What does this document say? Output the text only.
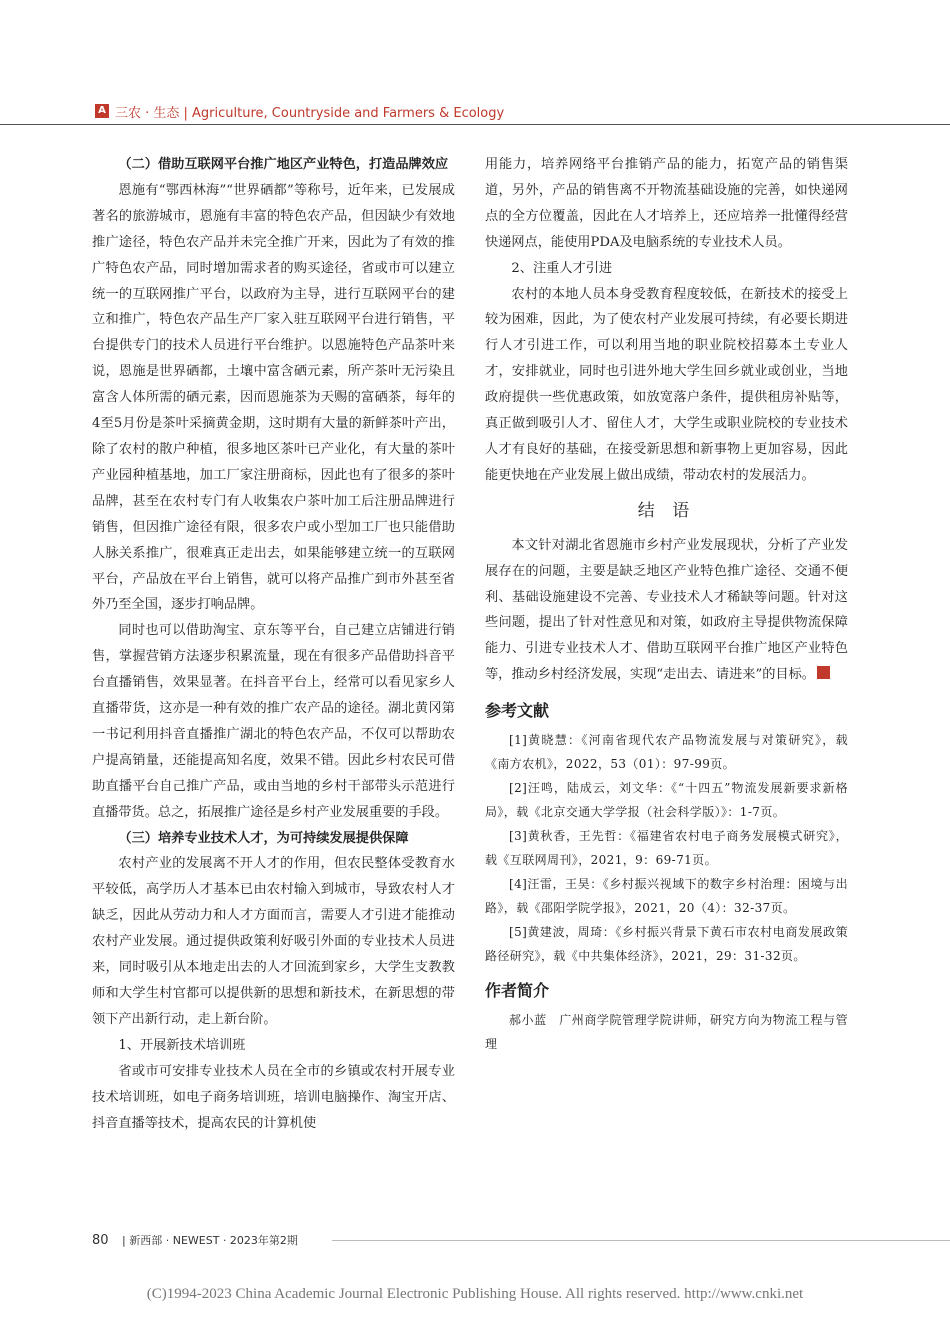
A 三农 · 生态 | Agriculture, Countryside and Farmers & Ecology

（二）借助互联网平台推广地区产业特色，打造品牌效应

恩施有“鄂西林海”“世界硒都”等称号，近年来，已发展成著名的旅游城市，恩施有丰富的特色农产品，但因缺少有效地推广途径，特色农产品并未完全推广开来，因此为了有效的推广特色农产品，同时增加需求者的购买途径，省或市可以建立统一的互联网推广平台，以政府为主导，进行互联网平台的建立和推广，特色农产品生产厂家入驻互联网平台进行销售，平台提供专门的技术人员进行平台维护。以恩施特色产品茶叶来说，恩施是世界硒都，土壤中富含硒元素，所产茶叶无污染且富含人体所需的硒元素，因而恩施茶为天赐的富硒茶，每年的4至5月份是茶叶采摘黄金期，这时期有大量的新鲜茶叶产出，除了农村的散户种植，很多地区茶叶已产业化，有大量的茶叶产业园种植基地，加工厂家注册商标，因此也有了很多的茶叶品牌，甚至在农村专门有人收集农户茶叶加工后注册品牌进行销售，但因推广途径有限，很多农户或小型加工厂也只能借助人脉关系推广，很难真正走出去，如果能够建立统一的互联网平台，产品放在平台上销售，就可以将产品推广到市外甚至省外乃至全国，逐步打响品牌。

同时也可以借助淘宝、京东等平台，自己建立店铺进行销售，掌握营销方法逐步积累流量，现在有很多产品借助抖音平台直播销售，效果显著。在抖音平台上，经常可以看见家乡人直播带货，这亦是一种有效的推广农产品的途径。湖北黄冈第一书记利用抖音直播推广湖北的特色农产品，不仅可以帮助农户提高销量，还能提高知名度，效果不错。因此乡村农民可借助直播平台自己推广产品，或由当地的乡村干部带头示范进行直播带货。总之，拓展推广途径是乡村产业发展重要的手段。

（三）培养专业技术人才，为可持续发展提供保障

农村产业的发展离不开人才的作用，但农民整体受教育水平较低，高学历人才基本已由农村输入到城市，导致农村人才缺乏，因此从劳动力和人才方面而言，需要人才引进才能推动农村产业发展。通过提供政策利好吸引外面的专业技术人员进来，同时吸引从本地走出去的人才回流到家乡，大学生支教教师和大学生村官都可以提供新的思想和新技术，在新思想的带领下产出新行动，走上新台阶。

1、开展新技术培训班

省或市可安排专业技术人员在全市的乡镇或农村开展专业技术培训班，如电子商务培训班，培训电脑操作、淘宝开店、抖音直播等技术，提高农民的计算机使

用能力，培养网络平台推销产品的能力，拓宽产品的销售渠道，另外，产品的销售离不开物流基础设施的完善，如快递网点的全方位覆盖，因此在人才培养上，还应培养一批懂得经营快递网点，能使用PDA及电脑系统的专业技术人员。

2、注重人才引进

农村的本地人员本身受教育程度较低，在新技术的接受上较为困难，因此，为了使农村产业发展可持续，有必要长期进行人才引进工作，可以利用当地的职业院校招募本土专业人才，安排就业，同时也引进外地大学生回乡就业或创业，当地政府提供一些优惠政策，如放宽落户条件，提供租房补贴等，真正做到吸引人才、留住人才，大学生或职业院校的专业技术人才有良好的基础，在接受新思想和新事物上更加容易，因此能更快地在产业发展上做出成绩，带动农村的发展活力。

结 语

本文针对湖北省恩施市乡村产业发展现状，分析了产业发展存在的问题，主要是缺乏地区产业特色推广途径、交通不便利、基础设施建设不完善、专业技术人才稀缺等问题。针对这些问题，提出了针对性意见和对策，如政府主导提供物流保障能力、引进专业技术人才、借助互联网平台推广地区产业特色等，推动乡村经济发展，实现“走出去、请进来”的目标。

参考文献

[1]黄晓慧：《河南省现代农产品物流发展与对策研究》，载《南方农机》，2022，53（01）：97-99页。

[2]汪鸣，陆成云，刘文华：《“十四五”物流发展新要求新格局》，载《北京交通大学学报（社会科学版）》：1-7页。

[3]黄秋香，王先哲：《福建省农村电子商务发展模式研究》，载《互联网周刊》，2021，9：69-71页。

[4]汪雷，王昊：《乡村振兴视域下的数字乡村治理：困境与出路》，载《邵阳学院学报》，2021，20（4）：32-37页。

[5]黄建波，周琦：《乡村振兴背景下黄石市农村电商发展政策路径研究》，载《中共集体经济》，2021，29：31-32页。

作者简介

郝小蓝　广州商学院管理学院讲师，研究方向为物流工程与管理

80 | 新西部 · NEWEST · 2023年第2期
(C)1994-2023 China Academic Journal Electronic Publishing House. All rights reserved. http://www.cnki.net
